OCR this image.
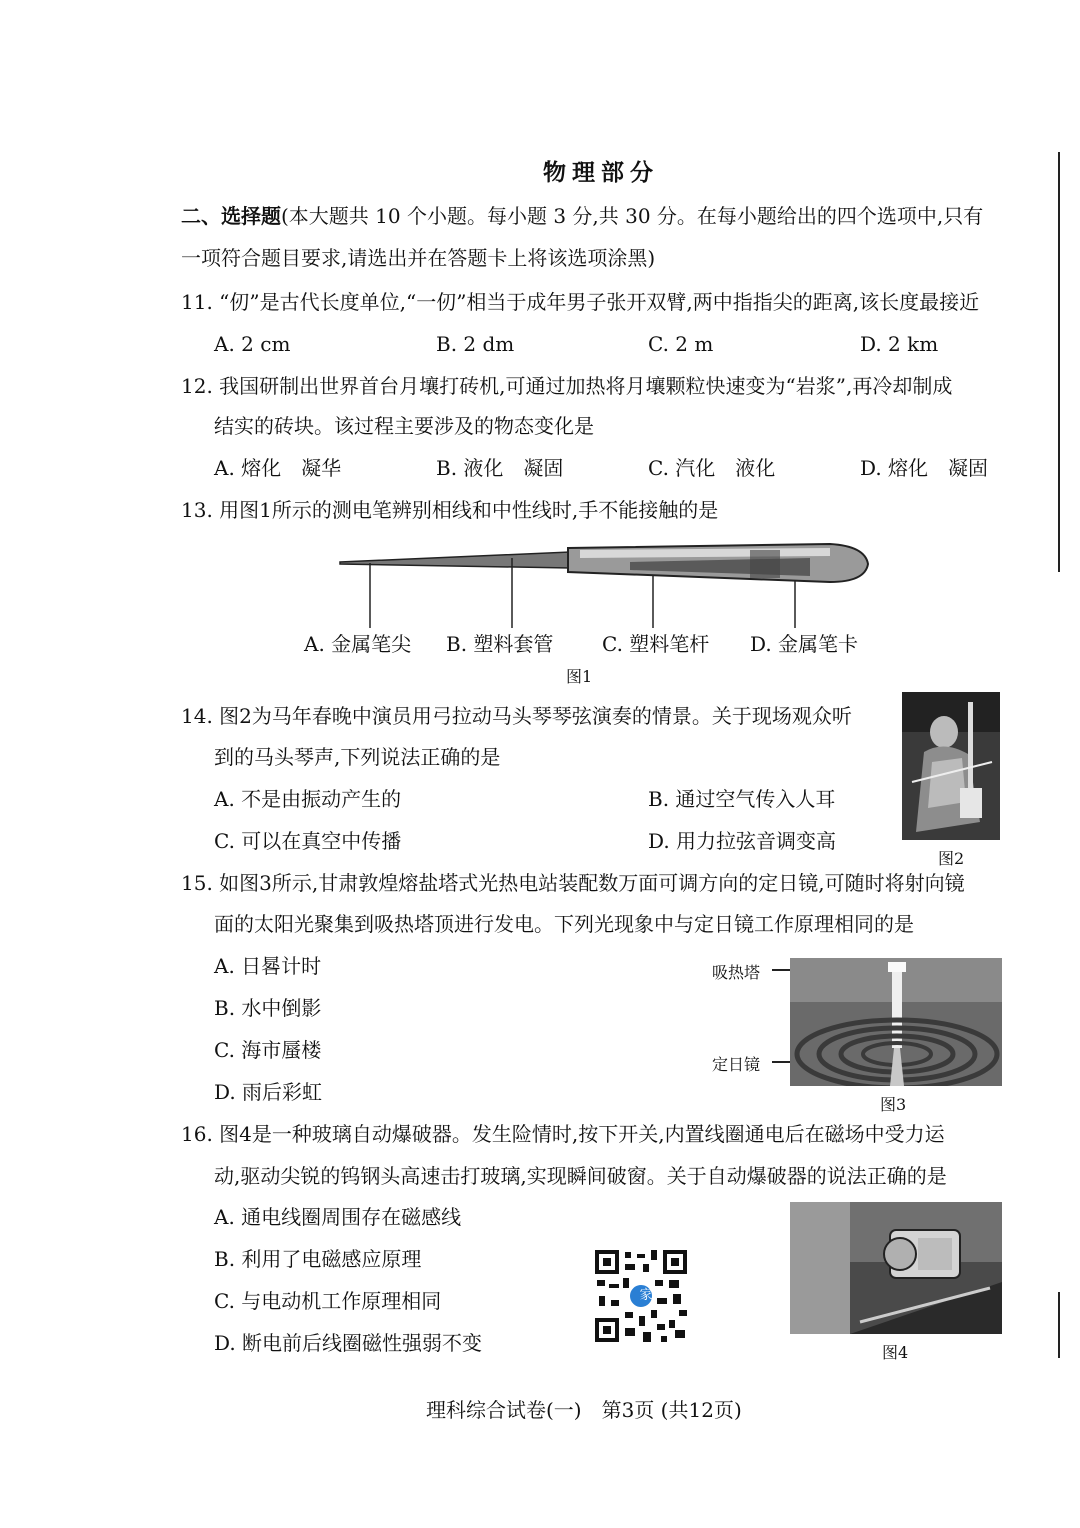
物理部分
二、选择题(本大题共 10 个小题。每小题 3 分,共 30 分。在每小题给出的四个选项中,只有
一项符合题目要求,请选出并在答题卡上将该选项涂黑)
11. “仞”是古代长度单位,“一仞”相当于成年男子张开双臂,两中指指尖的距离,该长度最接近
A. 2 cm	B. 2 dm	C. 2 m	D. 2 km
12. 我国研制出世界首台月壤打砖机,可通过加热将月壤颗粒快速变为“岩浆”,再冷却制成
结实的砖块。该过程主要涉及的物态变化是
A. 熔化　凝华	B. 液化　凝固	C. 汽化　液化	D. 熔化　凝固
13. 用图1所示的测电笔辨别相线和中性线时,手不能接触的是
A. 金属笔尖 B. 塑料套管 C. 塑料笔杆 D. 金属笔卡
图1
14. 图2为马年春晚中演员用弓拉动马头琴琴弦演奏的情景。关于现场观众听
到的马头琴声,下列说法正确的是
A. 不是由振动产生的	B. 通过空气传入人耳
C. 可以在真空中传播	D. 用力拉弦音调变高
图2
15. 如图3所示,甘肃敦煌熔盐塔式光热电站装配数万面可调方向的定日镜,可随时将射向镜
面的太阳光聚集到吸热塔顶进行发电。下列光现象中与定日镜工作原理相同的是
A. 日晷计时
B. 水中倒影
C. 海市蜃楼
D. 雨后彩虹
吸热塔
定日镜
图3
16. 图4是一种玻璃自动爆破器。发生险情时,按下开关,内置线圈通电后在磁场中受力运
动,驱动尖锐的钨钢头高速击打玻璃,实现瞬间破窗。关于自动爆破器的说法正确的是
A. 通电线圈周围存在磁感线
B. 利用了电磁感应原理
C. 与电动机工作原理相同
D. 断电前后线圈磁性强弱不变
家
图4
理科综合试卷(一)　第3页 (共12页)
